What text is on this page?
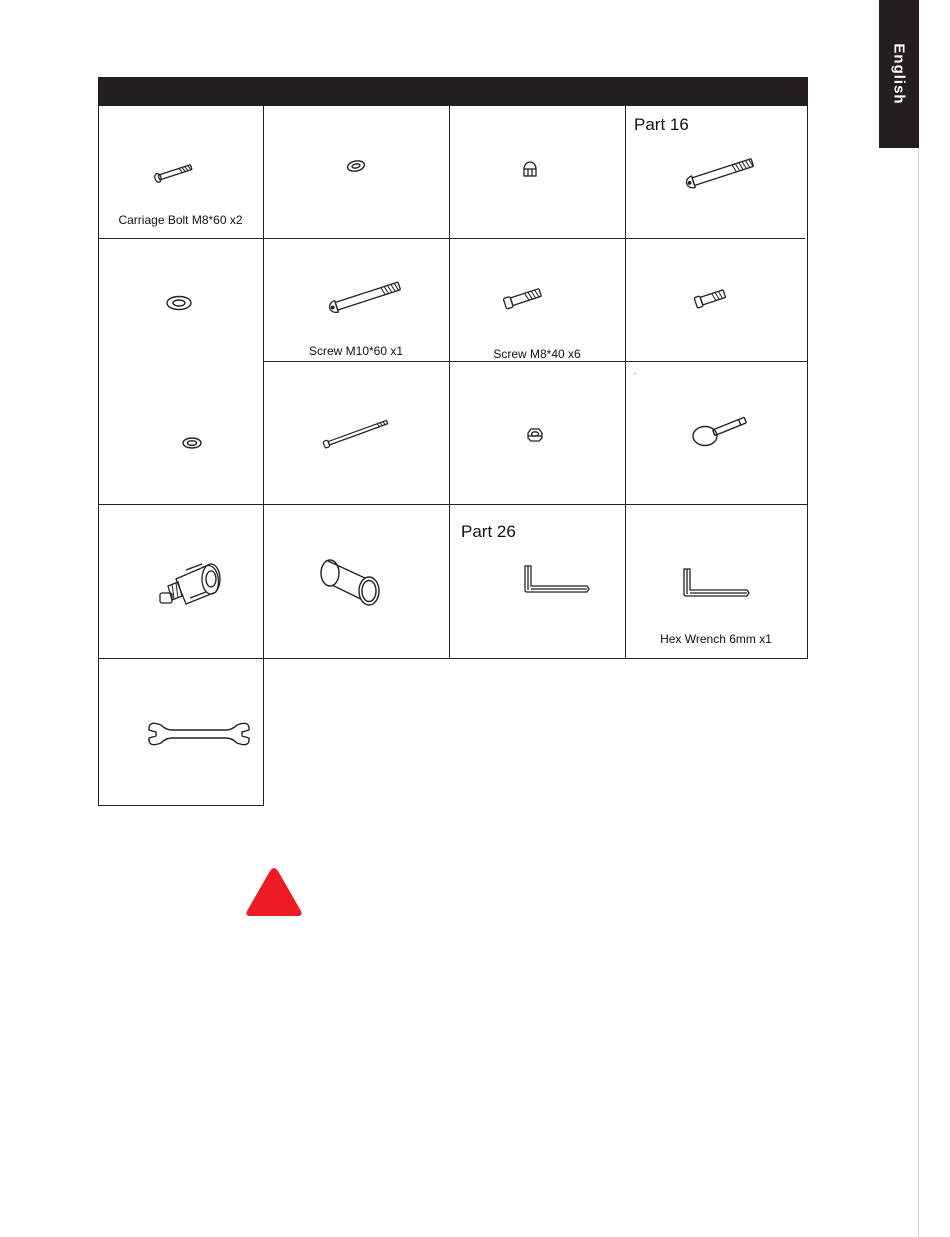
English
Carriage Bolt M8*60 x2
Part 16
Screw M10*60 x1	Screw M8*40 x6
.
Part 26
Hex Wrench 6mm x1
